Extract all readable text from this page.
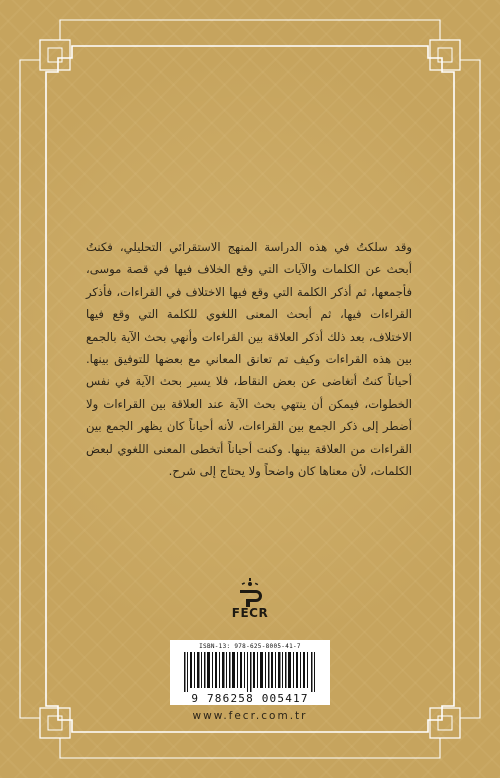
وقد سلكتُ في هذه الدراسة المنهج الاستقرائي التحليلي، فكنتُ أبحث عن الكلمات والآيات التي وقع الخلاف فيها في قصة موسى، فأجمعها، ثم أذكر الكلمة التي وقع فيها الاختلاف في القراءات، فأذكر القراءات فيها، ثم أبحث المعنى اللغوي للكلمة التي وقع فيها الاختلاف، بعد ذلك أذكر العلاقة بين القراءات وأنهي بحث الآية بالجمع بين هذه القراءات وكيف تم تعانق المعاني مع بعضها للتوفيق بينها. أحياناً كنتُ أتغاضى عن بعض النقاط، فلا يسير بحث الآية في نفس الخطوات، فيمكن أن ينتهي بحث الآية عند العلاقة بين القراءات ولا أضطر إلى ذكر الجمع بين القراءات، لأنه أحياناً كان يظهر الجمع بين القراءات من العلاقة بينها. وكنت أحياناً أتخطى المعنى اللغوي لبعض الكلمات، لأن معناها كان واضحاً ولا يحتاج إلى شرح.

FECR
ISBN-13: 978-625-8005-41-7
9 786258 005417
www.fecr.com.tr
